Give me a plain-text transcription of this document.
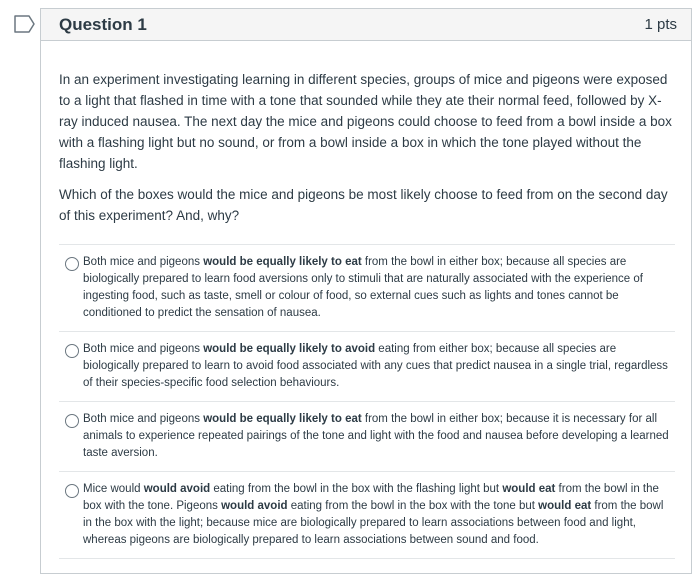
Question 1	1 pts

In an experiment investigating learning in different species, groups of mice and pigeons were exposed to a light that flashed in time with a tone that sounded while they ate their normal feed, followed by X-ray induced nausea. The next day the mice and pigeons could choose to feed from a bowl inside a box with a flashing light but no sound, or from a bowl inside a box in which the tone played without the flashing light.

Which of the boxes would the mice and pigeons be most likely choose to feed from on the second day of this experiment? And, why?

Both mice and pigeons would be equally likely to eat from the bowl in either box; because all species are biologically prepared to learn food aversions only to stimuli that are naturally associated with the experience of ingesting food, such as taste, smell or colour of food, so external cues such as lights and tones cannot be conditioned to predict the sensation of nausea.
Both mice and pigeons would be equally likely to avoid eating from either box; because all species are biologically prepared to learn to avoid food associated with any cues that predict nausea in a single trial, regardless of their species-specific food selection behaviours.
Both mice and pigeons would be equally likely to eat from the bowl in either box; because it is necessary for all animals to experience repeated pairings of the tone and light with the food and nausea before developing a learned taste aversion.
Mice would would avoid eating from the bowl in the box with the flashing light but would eat from the bowl in the box with the tone. Pigeons would avoid eating from the bowl in the box with the tone but would eat from the bowl in the box with the light; because mice are biologically prepared to learn associations between food and light, whereas pigeons are biologically prepared to learn associations between sound and food.
